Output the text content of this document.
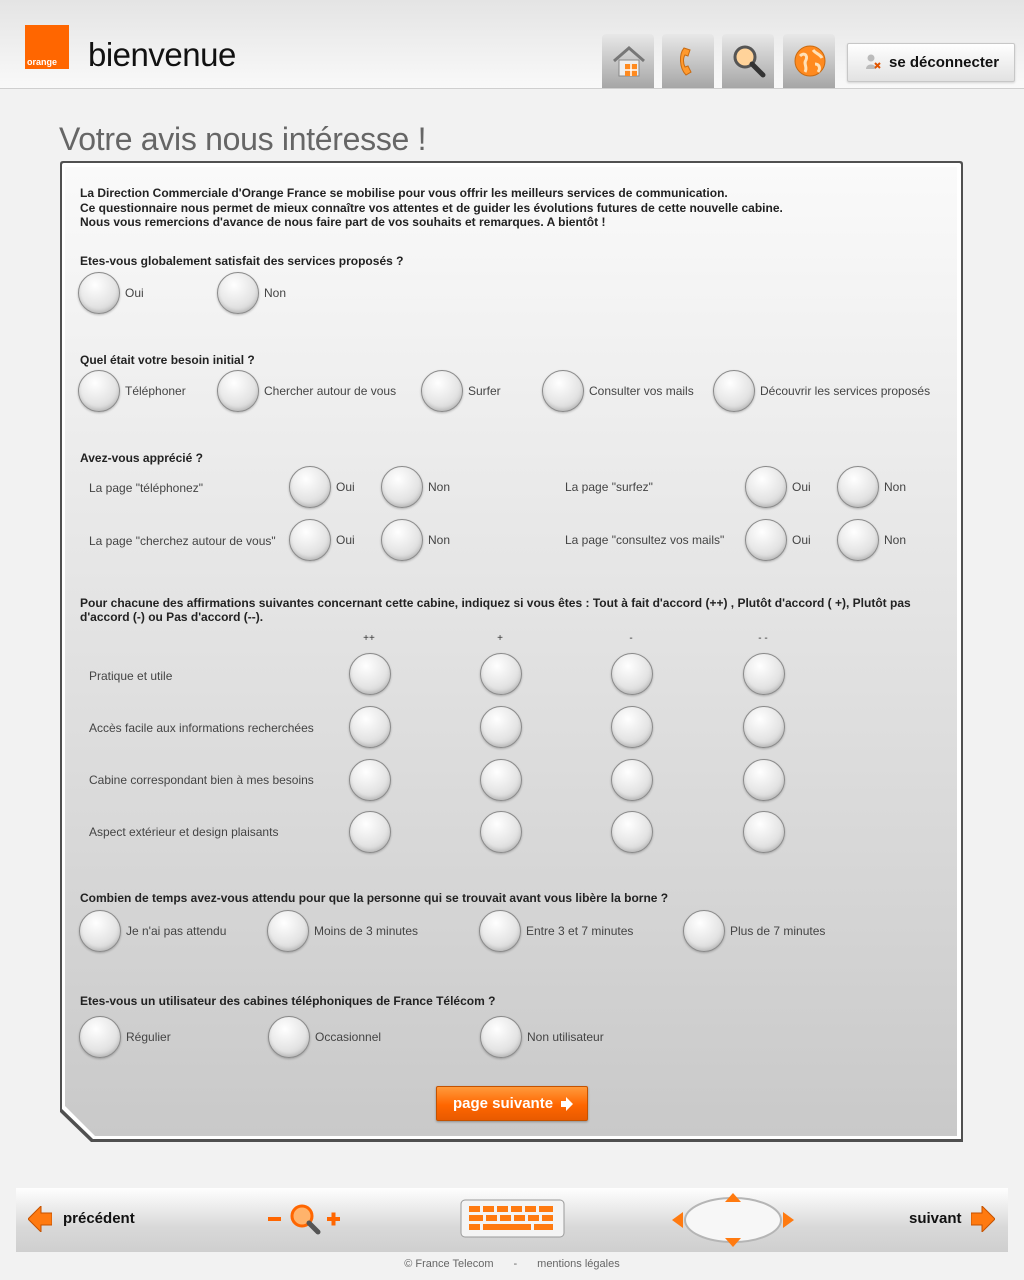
orange bienvenue	se déconnecter
Votre avis nous intéresse !
La Direction Commerciale d'Orange France se mobilise pour vous offrir les meilleurs services de communication.
Ce questionnaire nous permet de mieux connaître vos attentes et de guider les évolutions futures de cette nouvelle cabine.
Nous vous remercions d'avance de nous faire part de vos souhaits et remarques. A bientôt !
Etes-vous globalement satisfait des services proposés ?
Oui	Non
Quel était votre besoin initial ?
Téléphoner	Chercher autour de vous	Surfer	Consulter vos mails	Découvrir les services proposés
Avez-vous apprécié ?
La page "téléphonez"	Oui	Non	La page "surfez"	Oui	Non
La page "cherchez autour de vous"	Oui	Non	La page "consultez vos mails"	Oui	Non
Pour chacune des affirmations suivantes concernant cette cabine, indiquez si vous êtes : Tout à fait d'accord (++) , Plutôt d'accord ( +), Plutôt pas d'accord (-) ou Pas d'accord (--).
++	+	-	- -
Pratique et utile
Accès facile aux informations recherchées
Cabine correspondant bien à mes besoins
Aspect extérieur et design plaisants
Combien de temps avez-vous attendu pour que la personne qui se trouvait avant vous libère la borne ?
Je n'ai pas attendu	Moins de 3 minutes	Entre 3 et 7 minutes	Plus de 7 minutes
Etes-vous un utilisateur des cabines téléphoniques de France Télécom ?
Régulier	Occasionnel	Non utilisateur
page suivante
précédent	suivant
© France Telecom - mentions légales
